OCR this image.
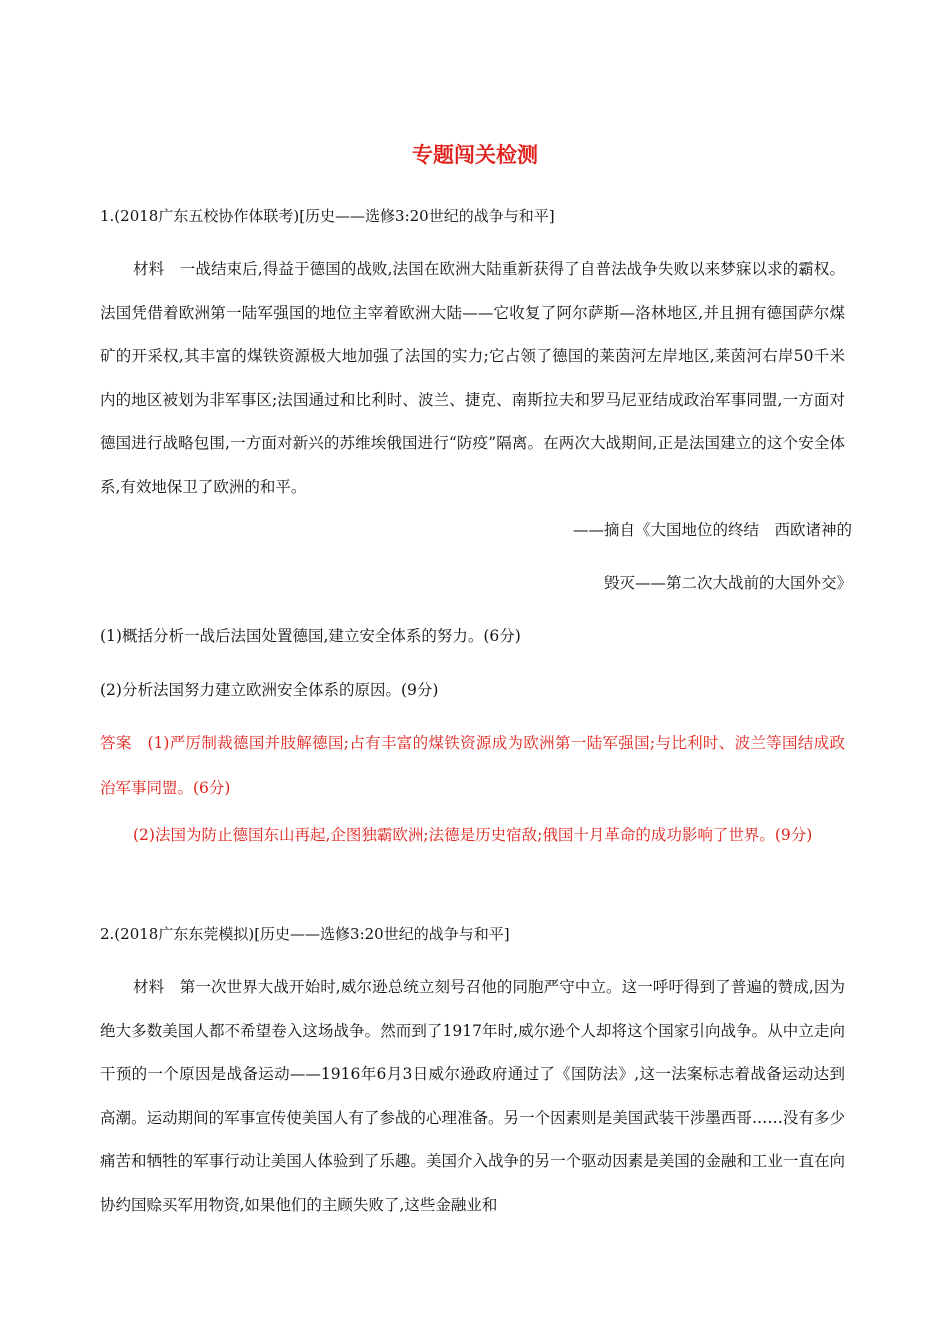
专题闯关检测
1.(2018广东五校协作体联考)[历史——选修3:20世纪的战争与和平]
材料　一战结束后,得益于德国的战败,法国在欧洲大陆重新获得了自普法战争失败以来梦寐以求的霸权。法国凭借着欧洲第一陆军强国的地位主宰着欧洲大陆——它收复了阿尔萨斯—洛林地区,并且拥有德国萨尔煤矿的开采权,其丰富的煤铁资源极大地加强了法国的实力;它占领了德国的莱茵河左岸地区,莱茵河右岸50千米内的地区被划为非军事区;法国通过和比利时、波兰、捷克、南斯拉夫和罗马尼亚结成政治军事同盟,一方面对德国进行战略包围,一方面对新兴的苏维埃俄国进行“防疫”隔离。在两次大战期间,正是法国建立的这个安全体系,有效地保卫了欧洲的和平。
——摘自《大国地位的终结　西欧诸神的
毁灭——第二次大战前的大国外交》
(1)概括分析一战后法国处置德国,建立安全体系的努力。(6分)
(2)分析法国努力建立欧洲安全体系的原因。(9分)
答案　(1)严厉制裁德国并肢解德国;占有丰富的煤铁资源成为欧洲第一陆军强国;与比利时、波兰等国结成政治军事同盟。(6分)
(2)法国为防止德国东山再起,企图独霸欧洲;法德是历史宿敌;俄国十月革命的成功影响了世界。(9分)
2.(2018广东东莞模拟)[历史——选修3:20世纪的战争与和平]
材料　第一次世界大战开始时,威尔逊总统立刻号召他的同胞严守中立。这一呼吁得到了普遍的赞成,因为绝大多数美国人都不希望卷入这场战争。然而到了1917年时,威尔逊个人却将这个国家引向战争。从中立走向干预的一个原因是战备运动——1916年6月3日威尔逊政府通过了《国防法》,这一法案标志着战备运动达到高潮。运动期间的军事宣传使美国人有了参战的心理准备。另一个因素则是美国武装干涉墨西哥……没有多少痛苦和牺牲的军事行动让美国人体验到了乐趣。美国介入战争的另一个驱动因素是美国的金融和工业一直在向协约国赊买军用物资,如果他们的主顾失败了,这些金融业和
